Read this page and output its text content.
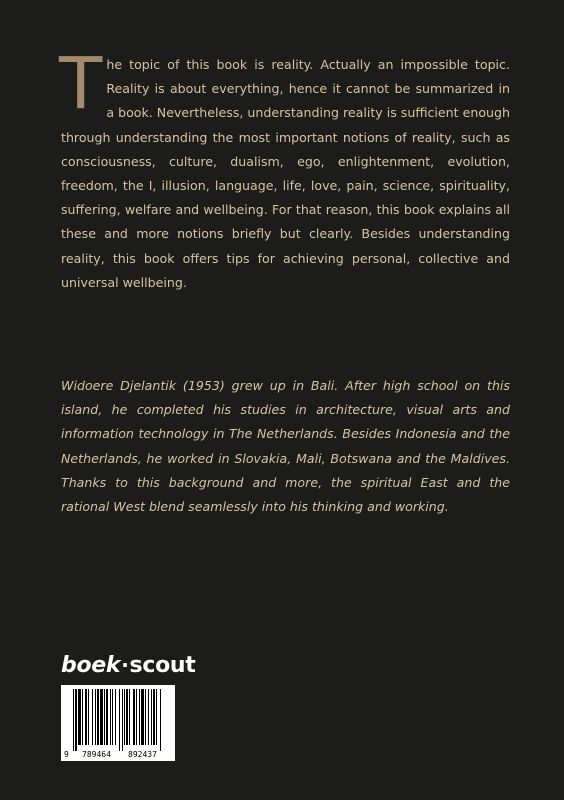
The topic of this book is reality. Actually an impossible topic. Reality is about everything, hence it cannot be summarized in a book. Nevertheless, understanding reality is sufficient enough through understanding the most important notions of reality, such as consciousness, culture, dualism, ego, enlightenment, evolution, freedom, the I, illusion, language, life, love, pain, science, spirituality, suffering, welfare and wellbeing. For that reason, this book explains all these and more notions briefly but clearly. Besides understanding reality, this book offers tips for achieving personal, collective and universal wellbeing.

Widoere Djelantik (1953) grew up in Bali. After high school on this island, he completed his studies in architecture, visual arts and information technology in The Netherlands. Besides Indonesia and the Netherlands, he worked in Slovakia, Mali, Botswana and the Maldives. Thanks to this background and more, the spiritual East and the rational West blend seamlessly into his thinking and working.

boek·scout
9 789464 892437
